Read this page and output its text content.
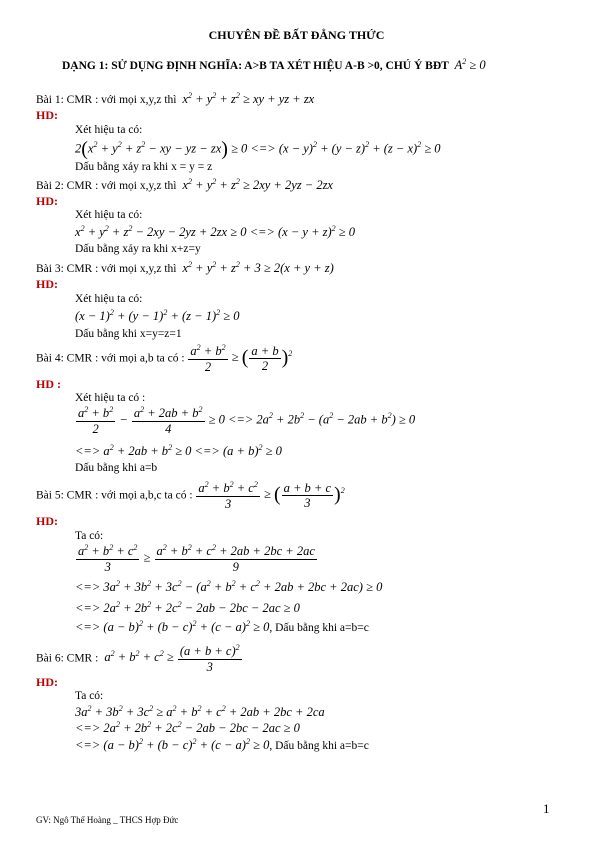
CHUYÊN ĐỀ BẤT ĐẲNG THỨC
DẠNG 1: SỬ DỤNG ĐỊNH NGHĨA: A>B TA XÉT HIỆU A-B >0, CHÚ Ý BĐT  $A^2 \ge 0$
Bài 1: CMR : với mọi x,y,z thì  $x^2 + y^2 + z^2$ ≥ xy + yz + zx
HD:
Xét hiệu ta có:
$2(x^2 + y^2 + z^2$ − xy − yz − zx) ≥ 0 <=> $(x - y)^2 + (y - z)^2 + (z - x)^2 \ge 0$
Dấu bằng xảy ra khi x = y = z
Bài 2: CMR : với mọi x,y,z thì  $x^2 + y^2 + z^2 \ge 2xy + 2yz - 2zx$
HD:
Xét hiệu ta có:
$x^2 + y^2 + z^2 - 2xy - 2yz + 2zx \ge 0$ <=> $(x - y + z)^2 \ge 0$
Dấu bằng xảy ra khi x+z=y
Bài 3: CMR : với mọi x,y,z thì  $x^2 + y^2 + z^2 + 3 \ge 2(x + y + z)$
HD:
Xét hiệu ta có:
$(x - 1)^2 + (y - 1)^2 + (z - 1)^2 \ge 0$
Dấu bằng khi x=y=z=1
Bài 4: CMR : với mọi a,b ta có : $\frac{a^2 + b^2}{2}$ ≥ ( $\frac{a + b}{2} )^2$
HD :
Xét hiệu ta có :
$\frac{a^2 + b^2}{2} - \frac{a^2 + 2ab + b^2}{4} \ge 0$ <=> $2a^2 + 2b^2 - (a^2 - 2ab + b^2) \ge 0$
<=> $a^2 + 2ab + b^2 \ge 0$ <=> $(a + b)^2 \ge 0$
Dấu bằng khi a=b
Bài 5: CMR : với mọi a,b,c ta có : $\frac{a^2 + b^2 + c^2}{3}$ ≥ ( $\frac{a + b + c}{3} )^2$
HD:
Ta có:
$\frac{a^2 + b^2 + c^2}{3} \ge \frac{a^2 + b^2 + c^2 + 2ab + 2bc + 2ac}{9}$
<=> $3a^2 + 3b^2 + 3c^2 - (a^2 + b^2 + c^2 + 2ab + 2bc + 2ac) \ge 0$
<=> $2a^2 + 2b^2 + 2c^2 - 2ab - 2bc - 2ac \ge 0$
<=> $(a - b)^2 + (b - c)^2 + (c - a)^2 \ge 0$, Dấu bằng khi a=b=c
Bài 6: CMR :  $a^2 + b^2 + c^2 \ge \frac{(a + b + c)^2}{3}$
HD:
Ta có:
$3a^2 + 3b^2 + 3c^2 \ge a^2 + b^2 + c^2 + 2ab + 2bc + 2ca$
<=> $2a^2 + 2b^2 + 2c^2 - 2ab - 2bc - 2ac \ge 0$
<=> $(a - b)^2 + (b - c)^2 + (c - a)^2 \ge 0$, Dấu bằng khi a=b=c
1
GV: Ngô Thế Hoàng _ THCS Hợp Đức
